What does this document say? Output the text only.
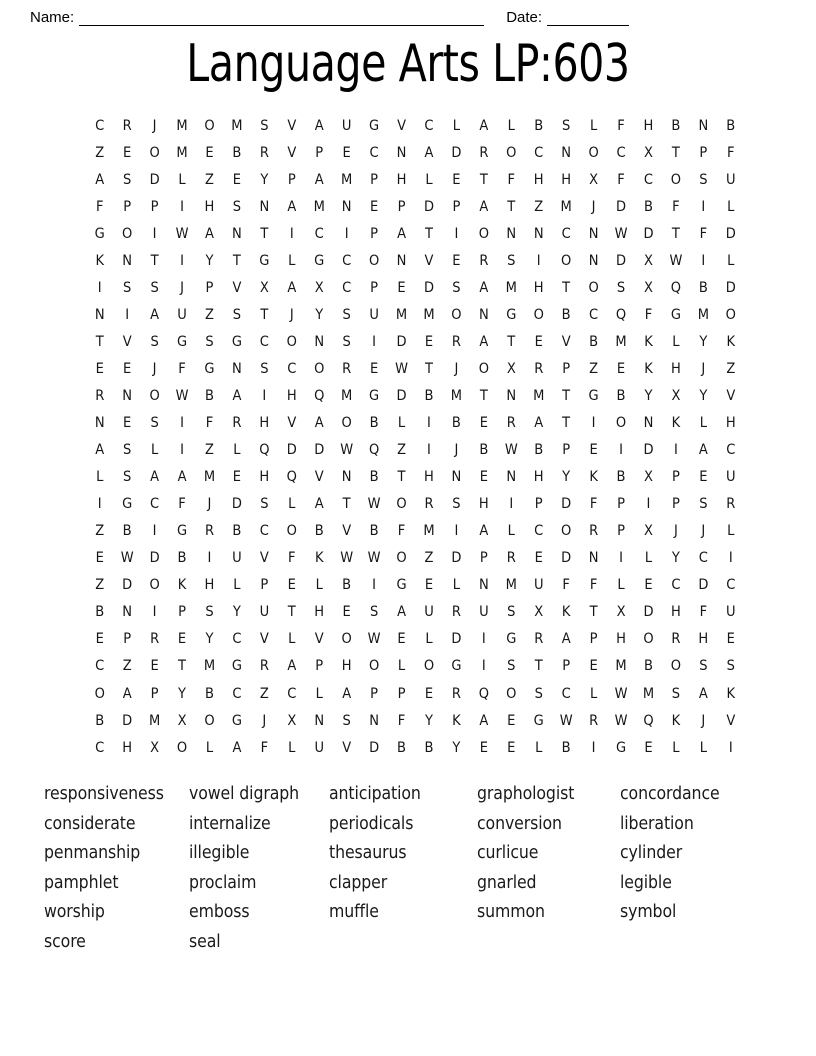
Name:	Date:
Language Arts LP:603
C	R	J	M	O	M	S	V	A	U	G	V	C	L	A	L	B	S	L	F	H	B	N	B
Z	E	O	M	E	B	R	V	P	E	C	N	A	D	R	O	C	N	O	C	X	T	P	F
A	S	D	L	Z	E	Y	P	A	M	P	H	L	E	T	F	H	H	X	F	C	O	S	U
F	P	P	I	H	S	N	A	M	N	E	P	D	P	A	T	Z	M	J	D	B	F	I	L
G	O	I	W	A	N	T	I	C	I	P	A	T	I	O	N	N	C	N	W	D	T	F	D
K	N	T	I	Y	T	G	L	G	C	O	N	V	E	R	S	I	O	N	D	X	W	I	L
I	S	S	J	P	V	X	A	X	C	P	E	D	S	A	M	H	T	O	S	X	Q	B	D
N	I	A	U	Z	S	T	J	Y	S	U	M	M	O	N	G	O	B	C	Q	F	G	M	O
T	V	S	G	S	G	C	O	N	S	I	D	E	R	A	T	E	V	B	M	K	L	Y	K
E	E	J	F	G	N	S	C	O	R	E	W	T	J	O	X	R	P	Z	E	K	H	J	Z
R	N	O	W	B	A	I	H	Q	M	G	D	B	M	T	N	M	T	G	B	Y	X	Y	V
N	E	S	I	F	R	H	V	A	O	B	L	I	B	E	R	A	T	I	O	N	K	L	H
A	S	L	I	Z	L	Q	D	D	W	Q	Z	I	J	B	W	B	P	E	I	D	I	A	C
L	S	A	A	M	E	H	Q	V	N	B	T	H	N	E	N	H	Y	K	B	X	P	E	U
I	G	C	F	J	D	S	L	A	T	W	O	R	S	H	I	P	D	F	P	I	P	S	R
Z	B	I	G	R	B	C	O	B	V	B	F	M	I	A	L	C	O	R	P	X	J	J	L
E	W	D	B	I	U	V	F	K	W	W	O	Z	D	P	R	E	D	N	I	L	Y	C	I
Z	D	O	K	H	L	P	E	L	B	I	G	E	L	N	M	U	F	F	L	E	C	D	C
B	N	I	P	S	Y	U	T	H	E	S	A	U	R	U	S	X	K	T	X	D	H	F	U
E	P	R	E	Y	C	V	L	V	O	W	E	L	D	I	G	R	A	P	H	O	R	H	E
C	Z	E	T	M	G	R	A	P	H	O	L	O	G	I	S	T	P	E	M	B	O	S	S
O	A	P	Y	B	C	Z	C	L	A	P	P	E	R	Q	O	S	C	L	W	M	S	A	K
B	D	M	X	O	G	J	X	N	S	N	F	Y	K	A	E	G	W	R	W	Q	K	J	V
C	H	X	O	L	A	F	L	U	V	D	B	B	Y	E	E	L	B	I	G	E	L	L	I
responsiveness
considerate
penmanship
pamphlet
worship
score
vowel digraph
internalize
illegible
proclaim
emboss
seal
anticipation
periodicals
thesaurus
clapper
muffle
graphologist
conversion
curlicue
gnarled
summon
concordance
liberation
cylinder
legible
symbol
